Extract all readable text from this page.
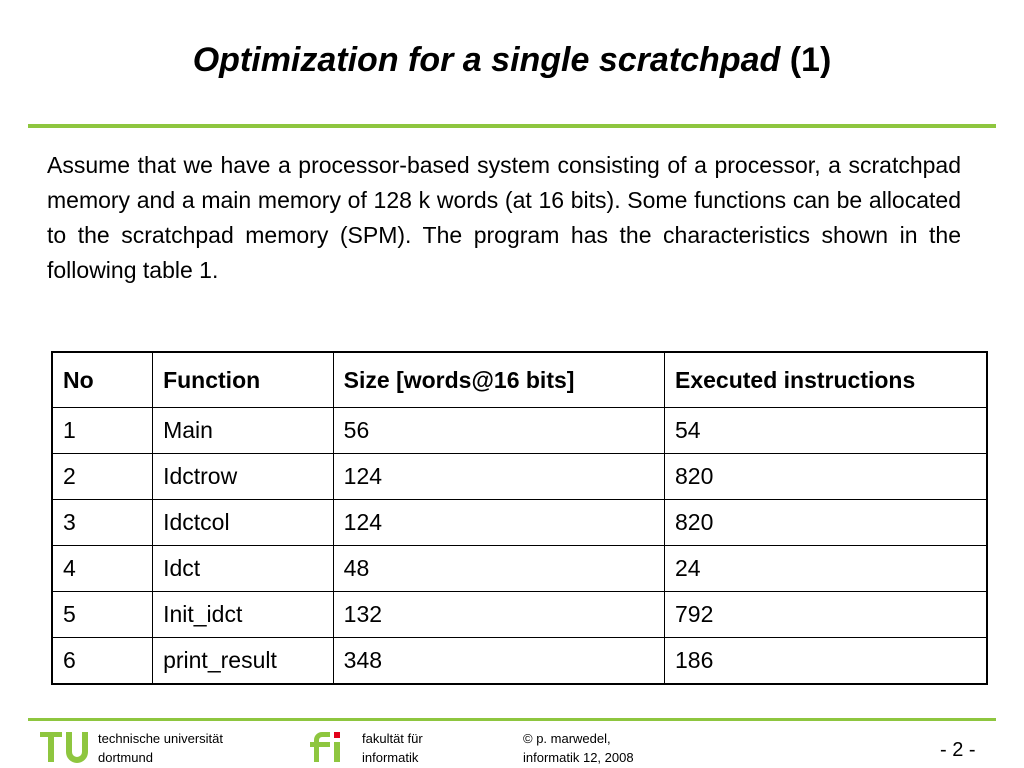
Optimization for a single scratchpad (1)
Assume that we have a processor-based system consisting of a processor, a scratchpad memory and a main memory of 128 k words (at 16 bits). Some functions can be allocated to the scratchpad memory (SPM). The program has the characteristics shown in the following table 1.
No	Function	Size [words@16 bits]	Executed instructions
1	Main	56	54
2	Idctrow	124	820
3	Idctcol	124	820
4	Idct	48	24
5	Init_idct	132	792
6	print_result	348	186
technische universität
dortmund
fakultät für
informatik
© p. marwedel,
informatik 12, 2008	- 2 -
